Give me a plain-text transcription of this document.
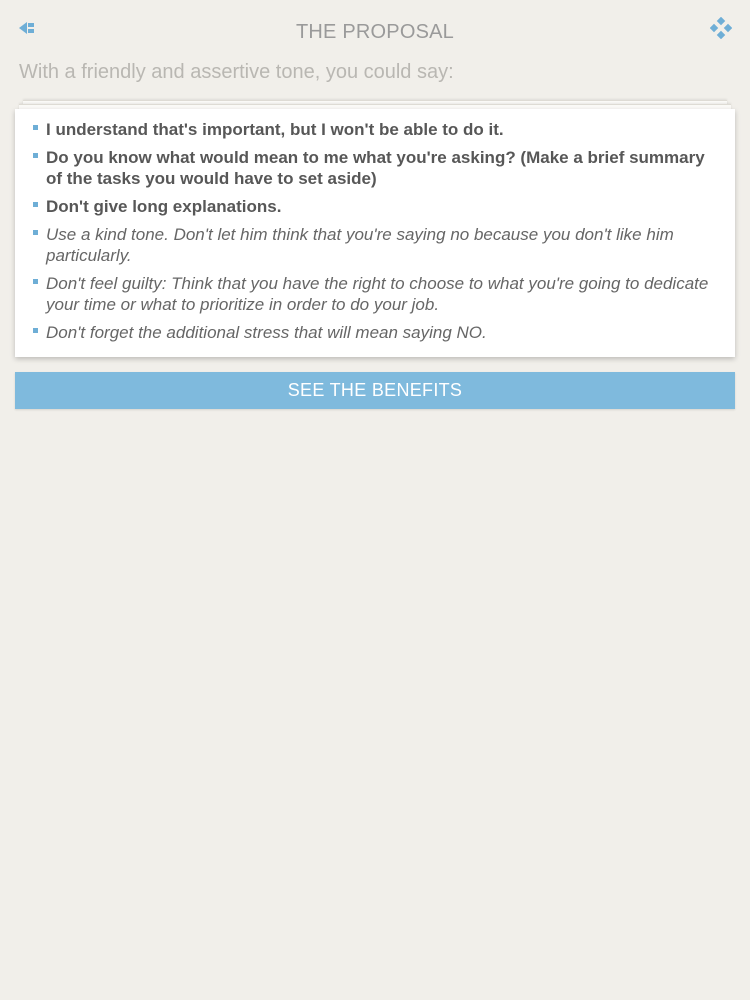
THE PROPOSAL
With a friendly and assertive tone, you could say:
I understand that's important, but I won't be able to do it.
Do you know what would mean to me what you're asking? (Make a brief summary of the tasks you would have to set aside)
Don't give long explanations.
Use a kind tone. Don't let him think that you're saying no because you don't like him particularly.
Don't feel guilty: Think that you have the right to choose to what you're going to dedicate your time or what to prioritize in order to do your job.
Don't forget the additional stress that will mean saying NO.
SEE THE BENEFITS
